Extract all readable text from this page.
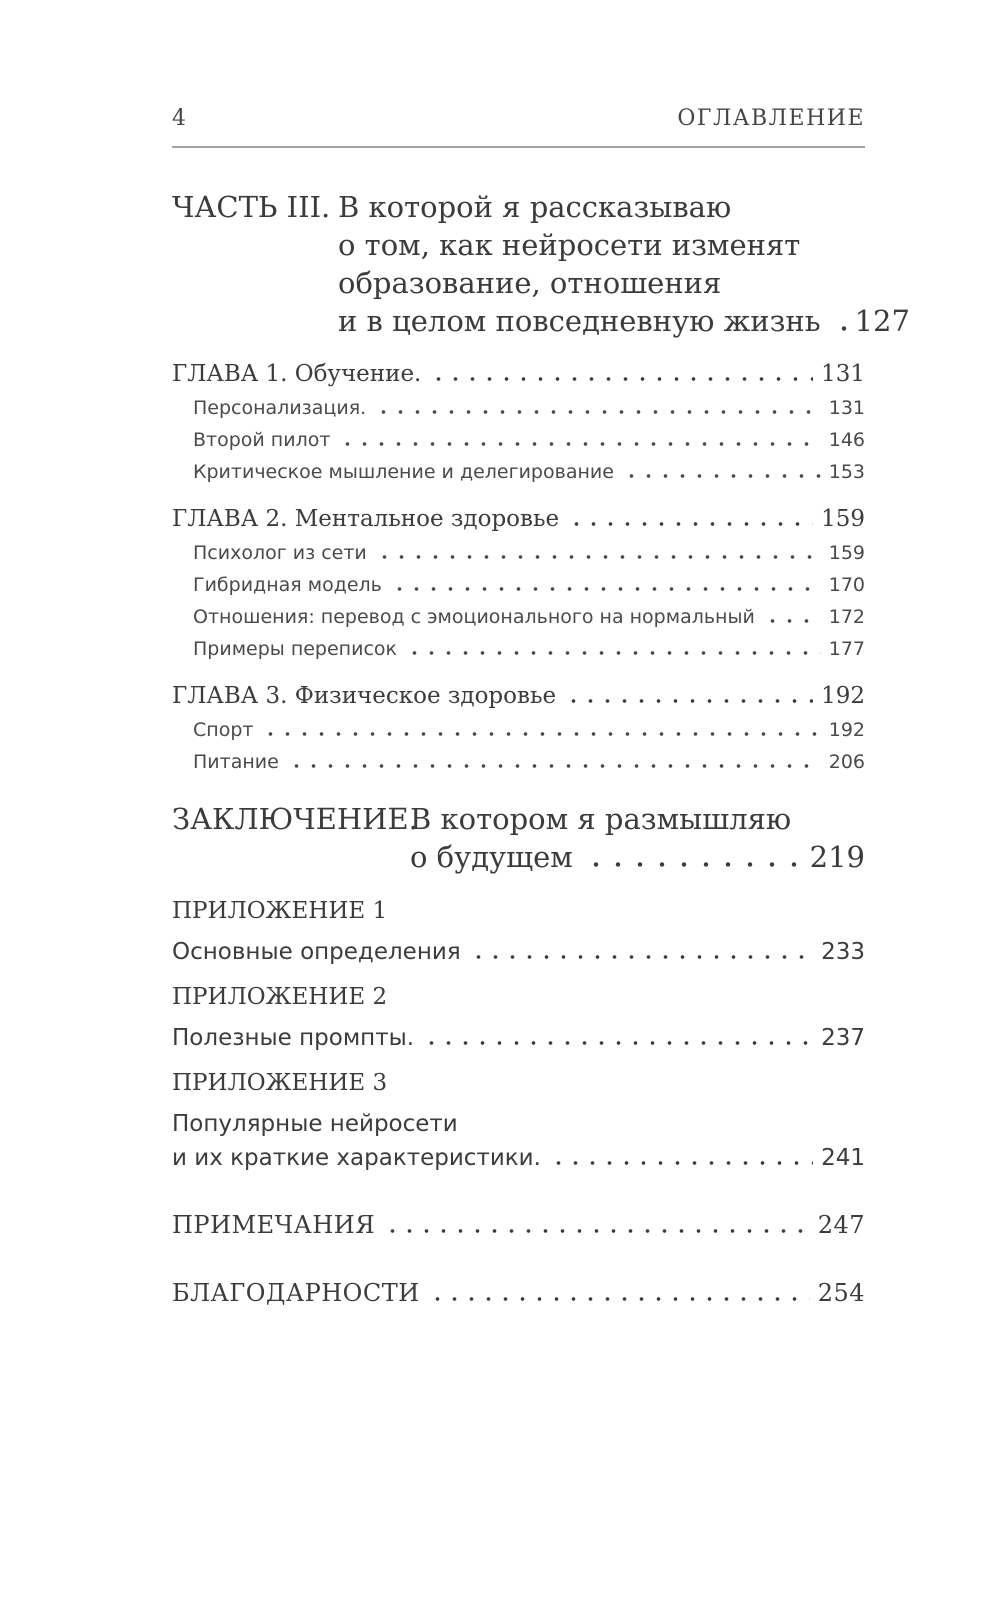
4	ОГЛАВЛЕНИЕ
ЧАСТЬ III. В которой я рассказываю
о том, как нейросети изменят
образование, отношения
и в целом повседневную жизнь 127
ГЛАВА 1. Обучение.	131
Персонализация.	131
Второй пилот	146
Критическое мышление и делегирование	153
ГЛАВА 2. Ментальное здоровье	159
Психолог из сети	159
Гибридная модель	170
Отношения: перевод с эмоционального на нормальный	172
Примеры переписок	177
ГЛАВА 3. Физическое здоровье	192
Спорт	192
Питание	206
ЗАКЛЮЧЕНИЕ.
В котором я размышляю
о будущем	219
ПРИЛОЖЕНИЕ 1
Основные определения	233
ПРИЛОЖЕНИЕ 2
Полезные промпты.	237
ПРИЛОЖЕНИЕ 3
Популярные нейросети
и их краткие характеристики.	241
ПРИМЕЧАНИЯ	247
БЛАГОДАРНОСТИ	254
